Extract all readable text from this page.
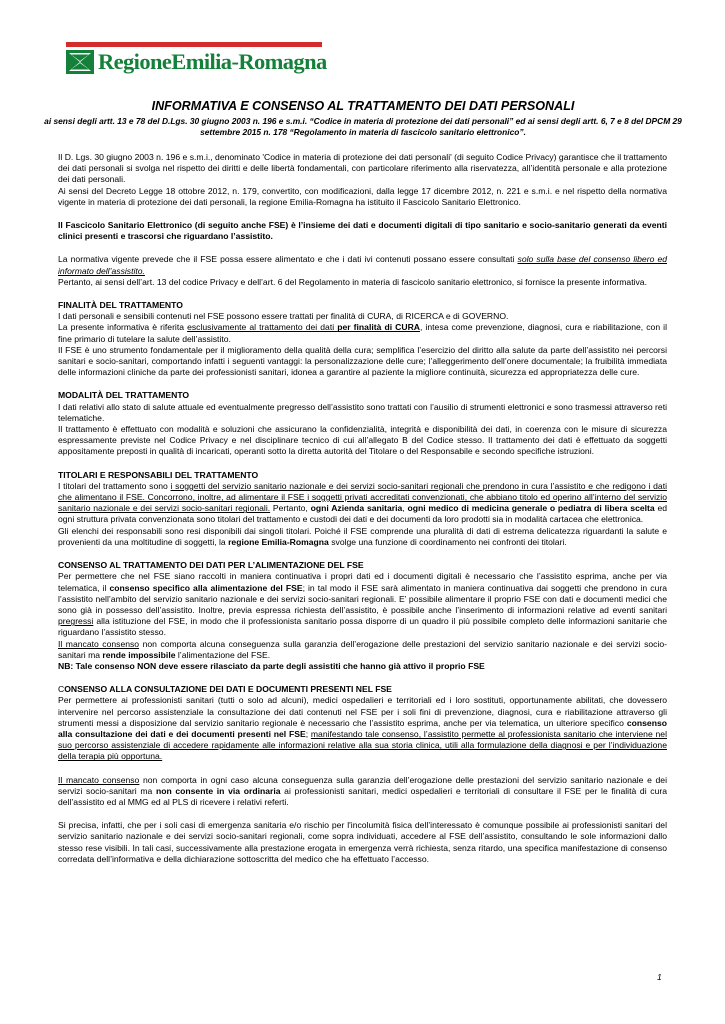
RegioneEmilia-Romagna
INFORMATIVA E CONSENSO AL TRATTAMENTO DEI DATI PERSONALI

ai sensi degli artt. 13 e 78 del D.Lgs. 30 giugno 2003 n. 196 e s.m.i. “Codice in materia di protezione dei dati personali” ed ai sensi degli artt. 6, 7 e 8 del DPCM 29 settembre 2015 n. 178 “Regolamento in materia di fascicolo sanitario elettronico”.

Il D. Lgs. 30 giugno 2003 n. 196 e s.m.i., denominato 'Codice in materia di protezione dei dati personali' (di seguito Codice Privacy) garantisce che il trattamento dei dati personali si svolga nel rispetto dei diritti e delle libertà fondamentali, con particolare riferimento alla riservatezza, all’identità personale e alla protezione dei dati personali.

Ai sensi del Decreto Legge 18 ottobre 2012, n. 179, convertito, con modificazioni, dalla legge 17 dicembre 2012, n. 221 e s.m.i. e nel rispetto della normativa vigente in materia di protezione dei dati personali, la regione Emilia-Romagna ha istituito il Fascicolo Sanitario Elettronico.

Il Fascicolo Sanitario Elettronico (di seguito anche FSE) è l’insieme dei dati e documenti digitali di tipo sanitario e socio-sanitario generati da eventi clinici presenti e trascorsi che riguardano l’assistito.

La normativa vigente prevede che il FSE possa essere alimentato e che i dati ivi contenuti possano essere consultati solo sulla base del consenso libero ed informato dell’assistito.

Pertanto, ai sensi dell’art. 13 del codice Privacy e dell’art. 6 del Regolamento in materia di fascicolo sanitario elettronico, si fornisce la presente informativa.

FINALITÀ DEL TRATTAMENTO

I dati personali e sensibili contenuti nel FSE possono essere trattati per finalità di CURA, di RICERCA e di GOVERNO.

La presente informativa è riferita esclusivamente al trattamento dei dati per finalità di CURA, intesa come prevenzione, diagnosi, cura e riabilitazione, con il fine primario di tutelare la salute dell’assistito.

Il FSE è uno strumento fondamentale per il miglioramento della qualità della cura; semplifica l’esercizio del diritto alla salute da parte dell’assistito nei percorsi sanitari e socio-sanitari, comportando infatti i seguenti vantaggi: la personalizzazione delle cure; l’alleggerimento dell’onere documentale; la fruibilità immediata delle informazioni cliniche da parte dei professionisti sanitari, idonea a garantire al paziente la migliore continuità, sicurezza ed appropriatezza delle cure.

MODALITÀ DEL TRATTAMENTO

I dati relativi allo stato di salute attuale ed eventualmente pregresso dell’assistito sono trattati con l’ausilio di strumenti elettronici e sono trasmessi attraverso reti telematiche.

Il trattamento è effettuato con modalità e soluzioni che assicurano la confidenzialità, integrità e disponibilità dei dati, in coerenza con le misure di sicurezza espressamente previste nel Codice Privacy e nel disciplinare tecnico di cui all’allegato B del Codice stesso. Il trattamento dei dati è effettuato da soggetti appositamente preposti in qualità di incaricati, operanti sotto la diretta autorità del Titolare o del Responsabile e secondo specifiche istruzioni.

TITOLARI E RESPONSABILI DEL TRATTAMENTO

I titolari del trattamento sono i soggetti del servizio sanitario nazionale e dei servizi socio-sanitari regionali che prendono in cura l’assistito e che redigono i dati che alimentano il FSE. Concorrono, inoltre, ad alimentare il FSE i soggetti privati accreditati convenzionati, che abbiano titolo ed operino all’interno del servizio sanitario nazionale e dei servizi socio-sanitari regionali. Pertanto, ogni Azienda sanitaria, ogni medico di medicina generale o pediatra di libera scelta ed ogni struttura privata convenzionata sono titolari del trattamento e custodi dei dati e dei documenti da loro prodotti sia in modalità cartacea che elettronica.

Gli elenchi dei responsabili sono resi disponibili dai singoli titolari. Poiché il FSE comprende una pluralità di dati di estrema delicatezza riguardanti la salute e provenienti da una moltitudine di soggetti, la regione Emilia-Romagna svolge una funzione di coordinamento nei confronti dei titolari.

CONSENSO AL TRATTAMENTO DEI DATI PER L’ALIMENTAZIONE DEL FSE

Per permettere che nel FSE siano raccolti in maniera continuativa i propri dati ed i documenti digitali è necessario che l’assistito esprima, anche per via telematica, il consenso specifico alla alimentazione del FSE; in tal modo il FSE sarà alimentato in maniera continuativa dai soggetti che prendono in cura l’assistito nell’ambito del servizio sanitario nazionale e dei servizi socio-sanitari regionali. E’ possibile alimentare il proprio FSE con dati e documenti medici che sono già in possesso dell’assistito. Inoltre, previa espressa richiesta dell’assistito, è possibile anche l’inserimento di informazioni relative ad eventi sanitari pregressi alla istituzione del FSE, in modo che il professionista sanitario possa disporre di un quadro il più possibile completo delle informazioni sanitarie che riguardano l’assistito stesso.

Il mancato consenso non comporta alcuna conseguenza sulla garanzia dell’erogazione delle prestazioni del servizio sanitario nazionale e dei servizi socio-sanitari ma rende impossibile l’alimentazione del FSE.

NB: Tale consenso NON deve essere rilasciato da parte degli assistiti che hanno già attivo il proprio FSE

CONSENSO ALLA CONSULTAZIONE DEI DATI E DOCUMENTI PRESENTI NEL FSE

Per permettere ai professionisti sanitari (tutti o solo ad alcuni), medici ospedalieri e territoriali ed i loro sostituti, opportunamente abilitati, che dovessero intervenire nel percorso assistenziale la consultazione dei dati contenuti nel FSE per i soli fini di prevenzione, diagnosi, cura e riabilitazione attraverso gli strumenti messi a disposizione dal servizio sanitario regionale è necessario che l’assistito esprima, anche per via telematica, un ulteriore specifico consenso alla consultazione dei dati e dei documenti presenti nel FSE; manifestando tale consenso, l’assistito permette al professionista sanitario che interviene nel suo percorso assistenziale di accedere rapidamente alle informazioni relative alla sua storia clinica, utili alla formulazione della diagnosi e per l’individuazione della terapia più opportuna.

Il mancato consenso non comporta in ogni caso alcuna conseguenza sulla garanzia dell’erogazione delle prestazioni del servizio sanitario nazionale e dei servizi socio-sanitari ma non consente in via ordinaria ai professionisti sanitari, medici ospedalieri e territoriali di consultare il FSE per le finalità di cura dell’assistito ed al MMG ed al PLS di ricevere i relativi referti.

Si precisa, infatti, che per i soli casi di emergenza sanitaria e/o rischio per l'incolumità fisica dell’interessato è comunque possibile ai professionisti sanitari del servizio sanitario nazionale e dei servizi socio-sanitari regionali, come sopra individuati, accedere al FSE dell’assistito, consultando le sole informazioni dallo stesso rese visibili. In tali casi, successivamente alla prestazione erogata in emergenza verrà richiesta, senza ritardo, una specifica manifestazione di consenso corredata dell’informativa e della dichiarazione sottoscritta del medico che ha effettuato l’accesso.

1
